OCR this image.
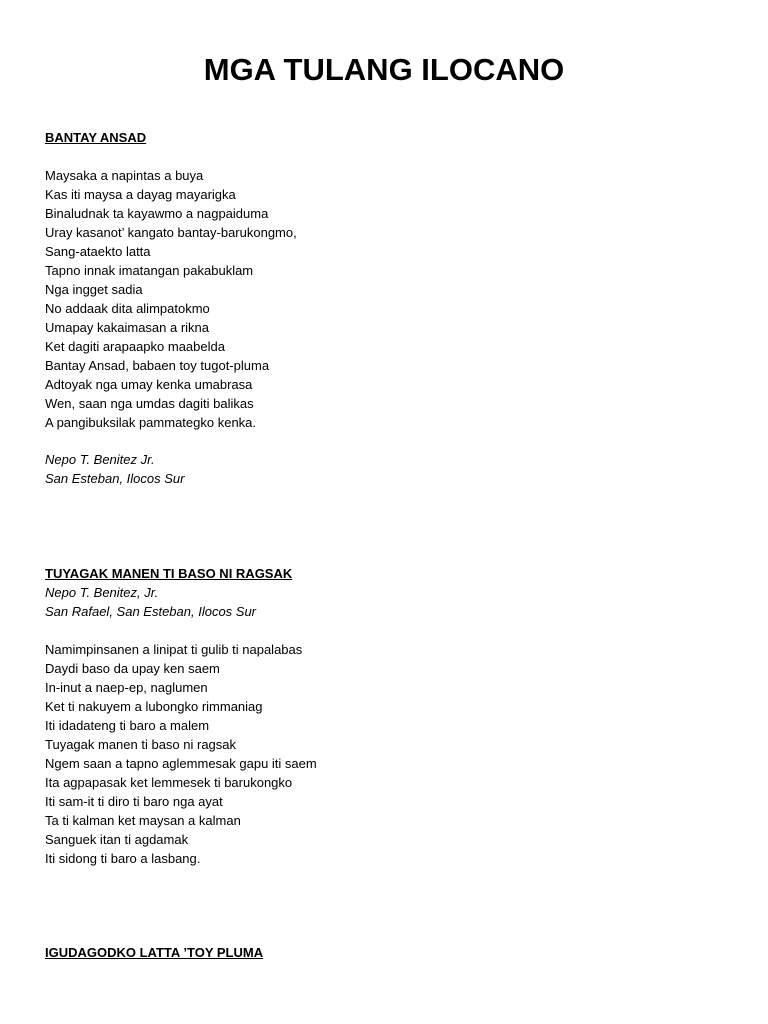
MGA TULANG ILOCANO
BANTAY ANSAD
Maysaka a napintas a buya
Kas iti maysa a dayag mayarigka
Binaludnak ta kayawmo a nagpaiduma
Uray kasanot’ kangato bantay-barukongmo,
Sang-ataekto latta
Tapno innak imatangan pakabuklam
Nga ingget sadia
No addaak dita alimpatokmo
Umapay kakaimasan a rikna
Ket dagiti arapaapko maabelda
Bantay Ansad, babaen toy tugot-pluma
Adtoyak nga umay kenka umabrasa
Wen, saan nga umdas dagiti balikas
A pangibuksilak pammategko kenka.
Nepo T. Benitez Jr.
San Esteban, Ilocos Sur
TUYAGAK MANEN TI BASO NI RAGSAK
Nepo T. Benitez, Jr.
San Rafael, San Esteban, Ilocos Sur
Namimpinsanen a linipat ti gulib ti napalabas
Daydi baso da upay ken saem
In-inut a naep-ep, naglumen
Ket ti nakuyem a lubongko rimmaniag
Iti idadateng ti baro a malem
Tuyagak manen ti baso ni ragsak
Ngem saan a tapno aglemmesak gapu iti saem
Ita agpapasak ket lemmesek ti barukongko
Iti sam-it ti diro ti baro nga ayat
Ta ti kalman ket maysan a kalman
Sanguek itan ti agdamak
Iti sidong ti baro a lasbang.
IGUDAGODKO LATTA ’TOY PLUMA
